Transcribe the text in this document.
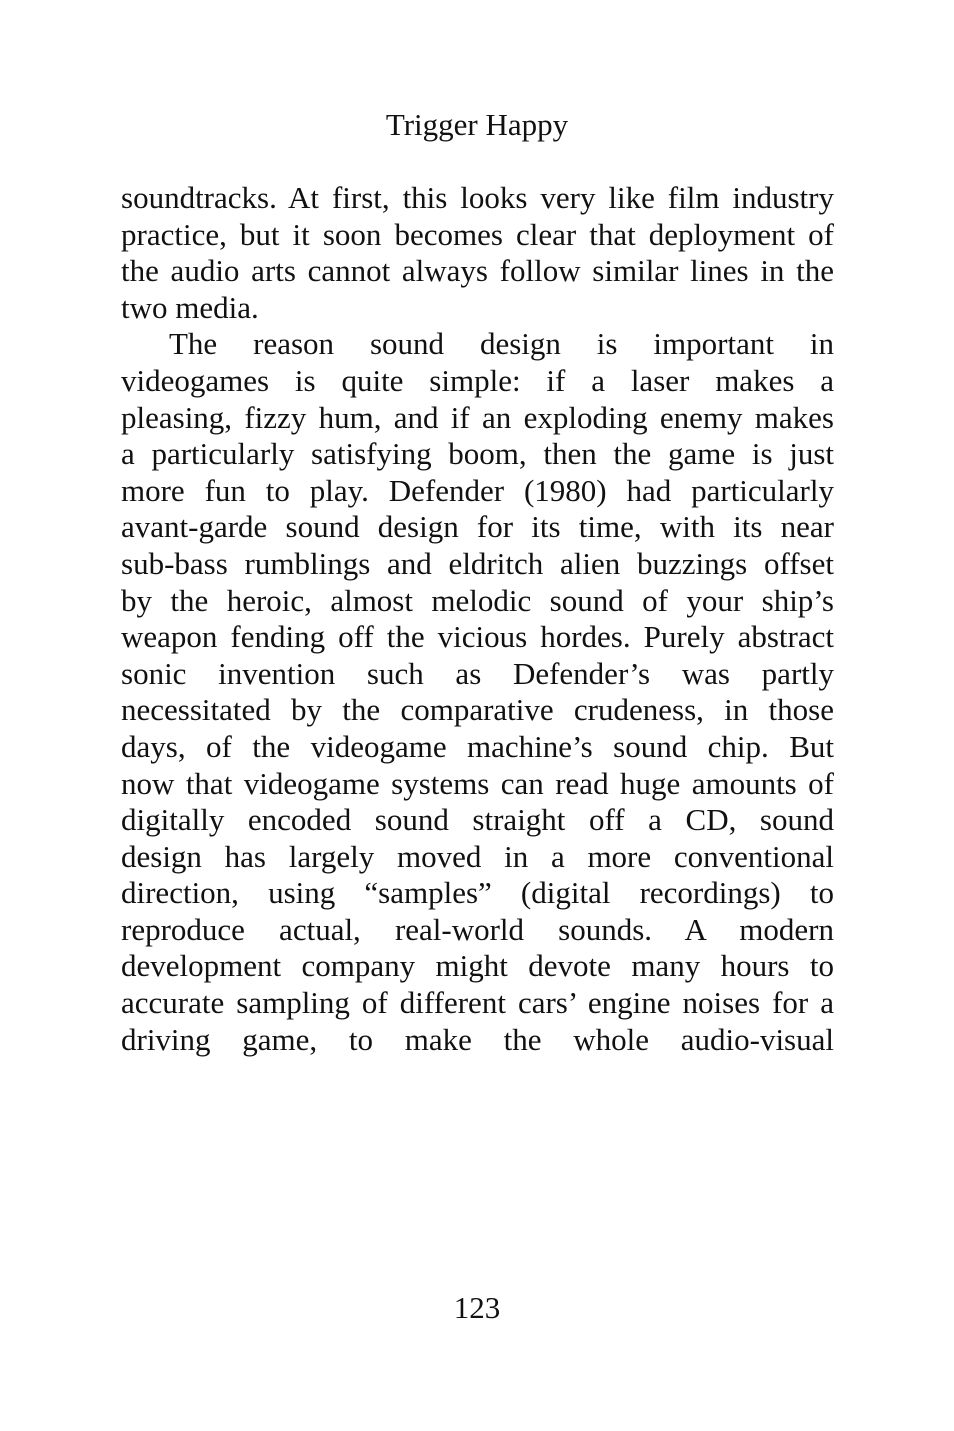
Trigger Happy
soundtracks. At first, this looks very like film industry
practice, but it soon becomes clear that deployment of
the audio arts cannot always follow similar lines in the
two media.
The reason sound design is important in
videogames is quite simple: if a laser makes a
pleasing, fizzy hum, and if an exploding enemy makes
a particularly satisfying boom, then the game is just
more fun to play. Defender (1980) had particularly
avant-garde sound design for its time, with its near
sub-bass rumblings and eldritch alien buzzings offset
by the heroic, almost melodic sound of your ship’s
weapon fending off the vicious hordes. Purely abstract
sonic invention such as Defender’s was partly
necessitated by the comparative crudeness, in those
days, of the videogame machine’s sound chip. But
now that videogame systems can read huge amounts of
digitally encoded sound straight off a CD, sound
design has largely moved in a more conventional
direction, using “samples” (digital recordings) to
reproduce actual, real-world sounds. A modern
development company might devote many hours to
accurate sampling of different cars’ engine noises for a
driving game, to make the whole audio-visual
123
